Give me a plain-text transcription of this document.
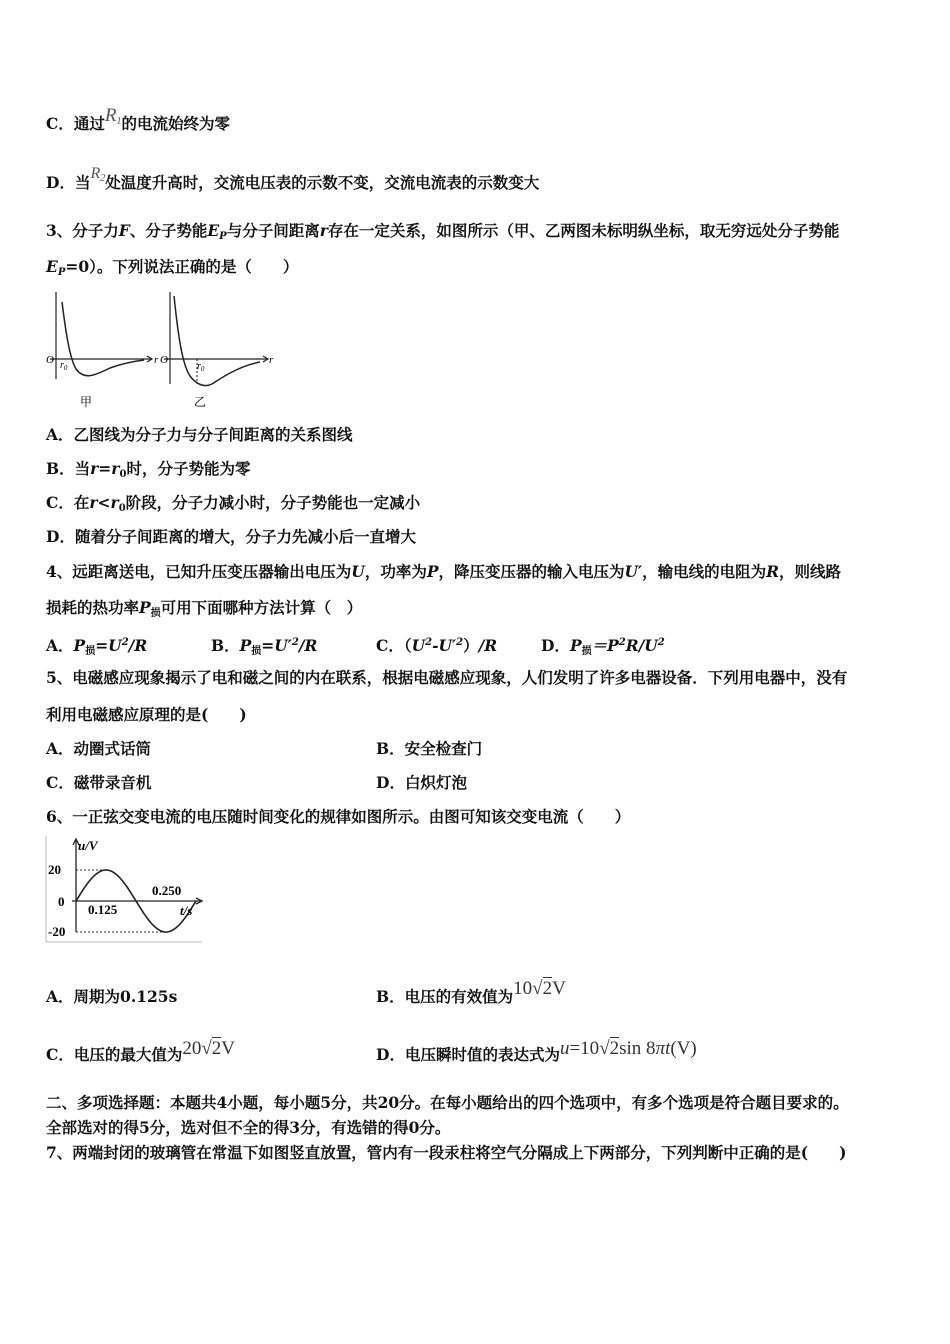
C．通过$R_1$的电流始终为零
D．当$R_2$处温度升高时，交流电压表的示数不变，交流电流表的示数变大
3、分子力F、分子势能$E_P$与分子间距离r存在一定关系，如图所示（甲、乙两图未标明纵坐标，取无穷远处分子势能
$E_P=0$）。下列说法正确的是（　　）
O	r
$r_0$
O	r
$r_0$
甲	乙
A．乙图线为分子力与分子间距离的关系图线
B．当$r=r_0$时，分子势能为零
C．在$r<r_0$阶段，分子力减小时，分子势能也一定减小
D．随着分子间距离的增大，分子力先减小后一直增大
4、远距离送电，已知升压变压器输出电压为U，功率为P，降压变压器的输入电压为U′，输电线的电阻为R，则线路
损耗的热功率$P_损$可用下面哪种方法计算（　）
A．$P_损=U^2/R$	B．$P_损=U'^2/R$	C．$(U^2-U'^2)/R$	D．$P_损=P^2R/U^2$
5、电磁感应现象揭示了电和磁之间的内在联系，根据电磁感应现象，人们发明了许多电器设备．下列用电器中，没有
利用电磁感应原理的是(　　)
A．动圈式话筒	B．安全检查门
C．磁带录音机	D．白炽灯泡
6、一正弦交变电流的电压随时间变化的规律如图所示。由图可知该交变电流（　　）
u/V
20
0
-20
0.125
0.250
t/s
A．周期为0.125s	B．电压的有效值为10√2V
C．电压的最大值为20√2V	D．电压瞬时值的表达式为u=10√2sin 8πt(V)
二、多项选择题：本题共4小题，每小题5分，共20分。在每小题给出的四个选项中，有多个选项是符合题目要求的。
全部选对的得5分，选对但不全的得3分，有选错的得0分。
7、两端封闭的玻璃管在常温下如图竖直放置，管内有一段汞柱将空气分隔成上下两部分，下列判断中正确的是(　　)
